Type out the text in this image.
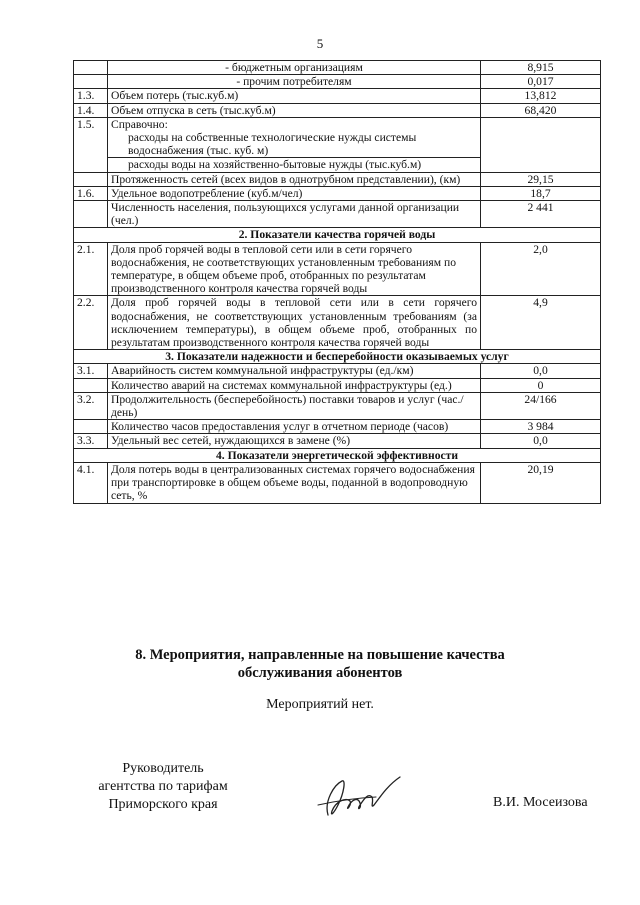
5
	- бюджетным организациям	8,915
	- прочим потребителям	0,017
1.3.	Объем потерь (тыс.куб.м)	13,812
1.4.	Объем отпуска в сеть (тыс.куб.м)	68,420
1.5.	Справочно:
расходы на собственные технологические нужды системы водоснабжения (тыс. куб. м)
расходы воды на хозяйственно-бытовые нужды (тыс.куб.м)	

	Протяженность сетей (всех видов в однотрубном представлении), (км)	29,15
1.6.	Удельное водопотребление (куб.м/чел)	18,7
	Численность населения, пользующихся услугами данной организации (чел.)	2 441
2. Показатели качества горячей воды		
2.1.	Доля проб горячей воды в тепловой сети или в сети горячего водоснабжения, не соответствующих установленным требованиям по температуре, в общем объеме проб, отобранных по результатам производственного контроля качества горячей воды	2,0
2.2.	Доля проб горячей воды в тепловой сети или в сети горячего водоснабжения, не соответствующих установленным требованиям (за исключением температуры), в общем объеме проб, отобранных по результатам производственного контроля качества горячей воды	4,9
3. Показатели надежности и бесперебойности оказываемых услуг		
3.1.	Аварийность систем коммунальной инфраструктуры (ед./км)	0,0
	Количество аварий на системах коммунальной инфраструктуры (ед.)	0
3.2.	Продолжительность (бесперебойность) поставки товаров и услуг (час./день)	24/166
	Количество часов предоставления услуг в отчетном периоде (часов)	3 984
3.3.	Удельный вес сетей, нуждающихся в замене (%)	0,0
4. Показатели энергетической эффективности		
4.1.	Доля потерь воды в централизованных системах горячего водоснабжения при транспортировке в общем объеме воды, поданной в водопроводную сеть, %	20,19
8. Мероприятия, направленные на повышение качества
обслуживания абонентов
Мероприятий нет.
Руководитель
агентства по тарифам
Приморского края	В.И. Мосеизова
